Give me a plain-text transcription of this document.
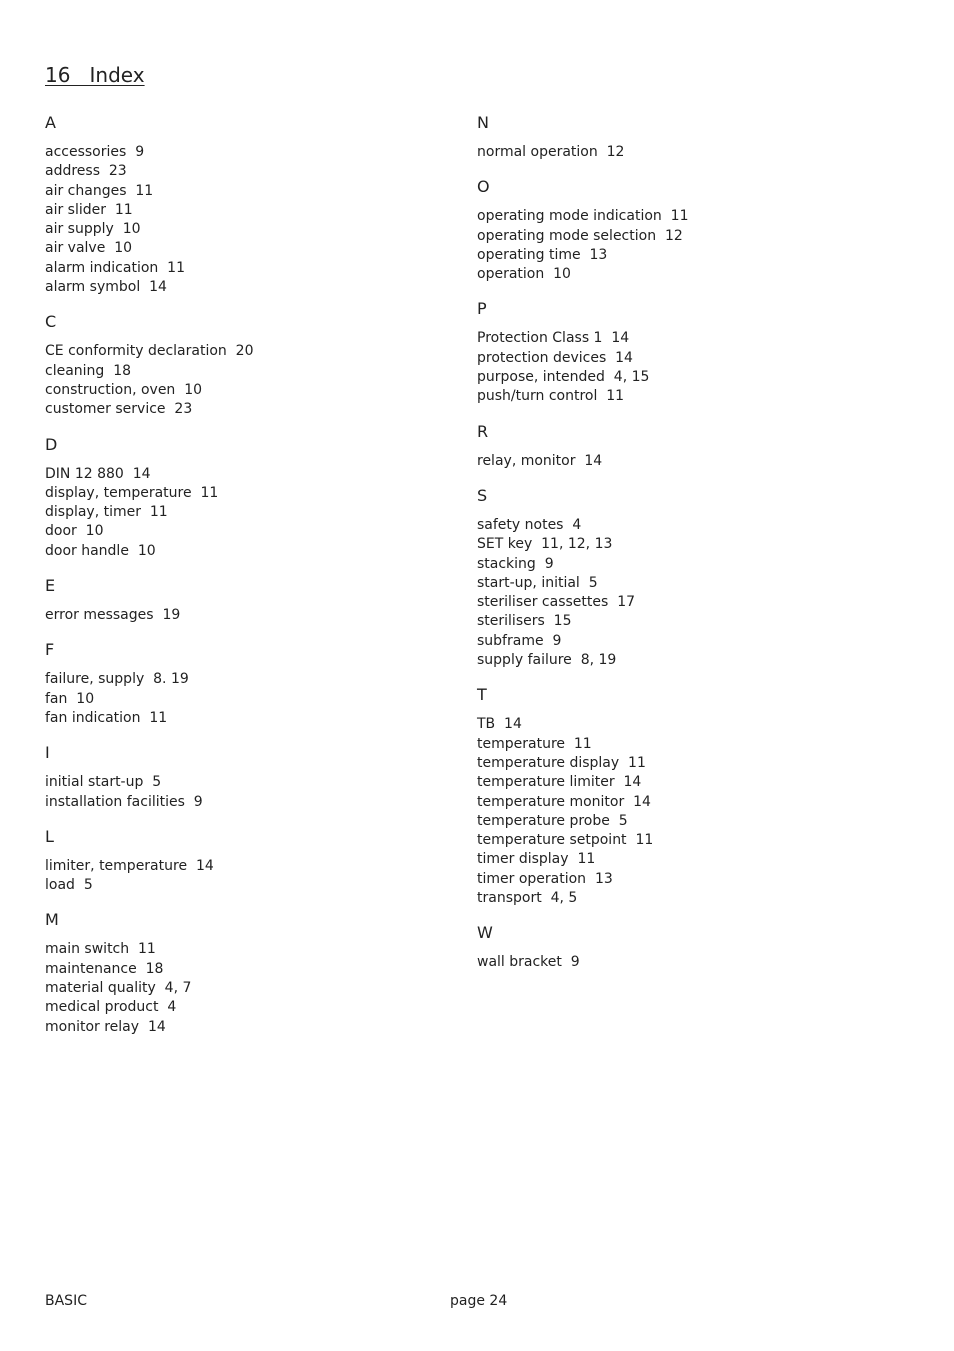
16   Index
A
accessories  9
address  23
air changes  11
air slider  11
air supply  10
air valve  10
alarm indication  11
alarm symbol  14
C
CE conformity declaration  20
cleaning  18
construction, oven  10
customer service  23
D
DIN 12 880  14
display, temperature  11
display, timer  11
door  10
door handle  10
E
error messages  19
F
failure, supply  8. 19
fan  10
fan indication  11
I
initial start-up  5
installation facilities  9
L
limiter, temperature  14
load  5
M
main switch  11
maintenance  18
material quality  4, 7
medical product  4
monitor relay  14
N
normal operation  12
O
operating mode indication  11
operating mode selection  12
operating time  13
operation  10
P
Protection Class 1  14
protection devices  14
purpose, intended  4, 15
push/turn control  11
R
relay, monitor  14
S
safety notes  4
SET key  11, 12, 13
stacking  9
start-up, initial  5
steriliser cassettes  17
sterilisers  15
subframe  9
supply failure  8, 19
T
TB  14
temperature  11
temperature display  11
temperature limiter  14
temperature monitor  14
temperature probe  5
temperature setpoint  11
timer display  11
timer operation  13
transport  4, 5
W
wall bracket  9
BASIC	page 24
